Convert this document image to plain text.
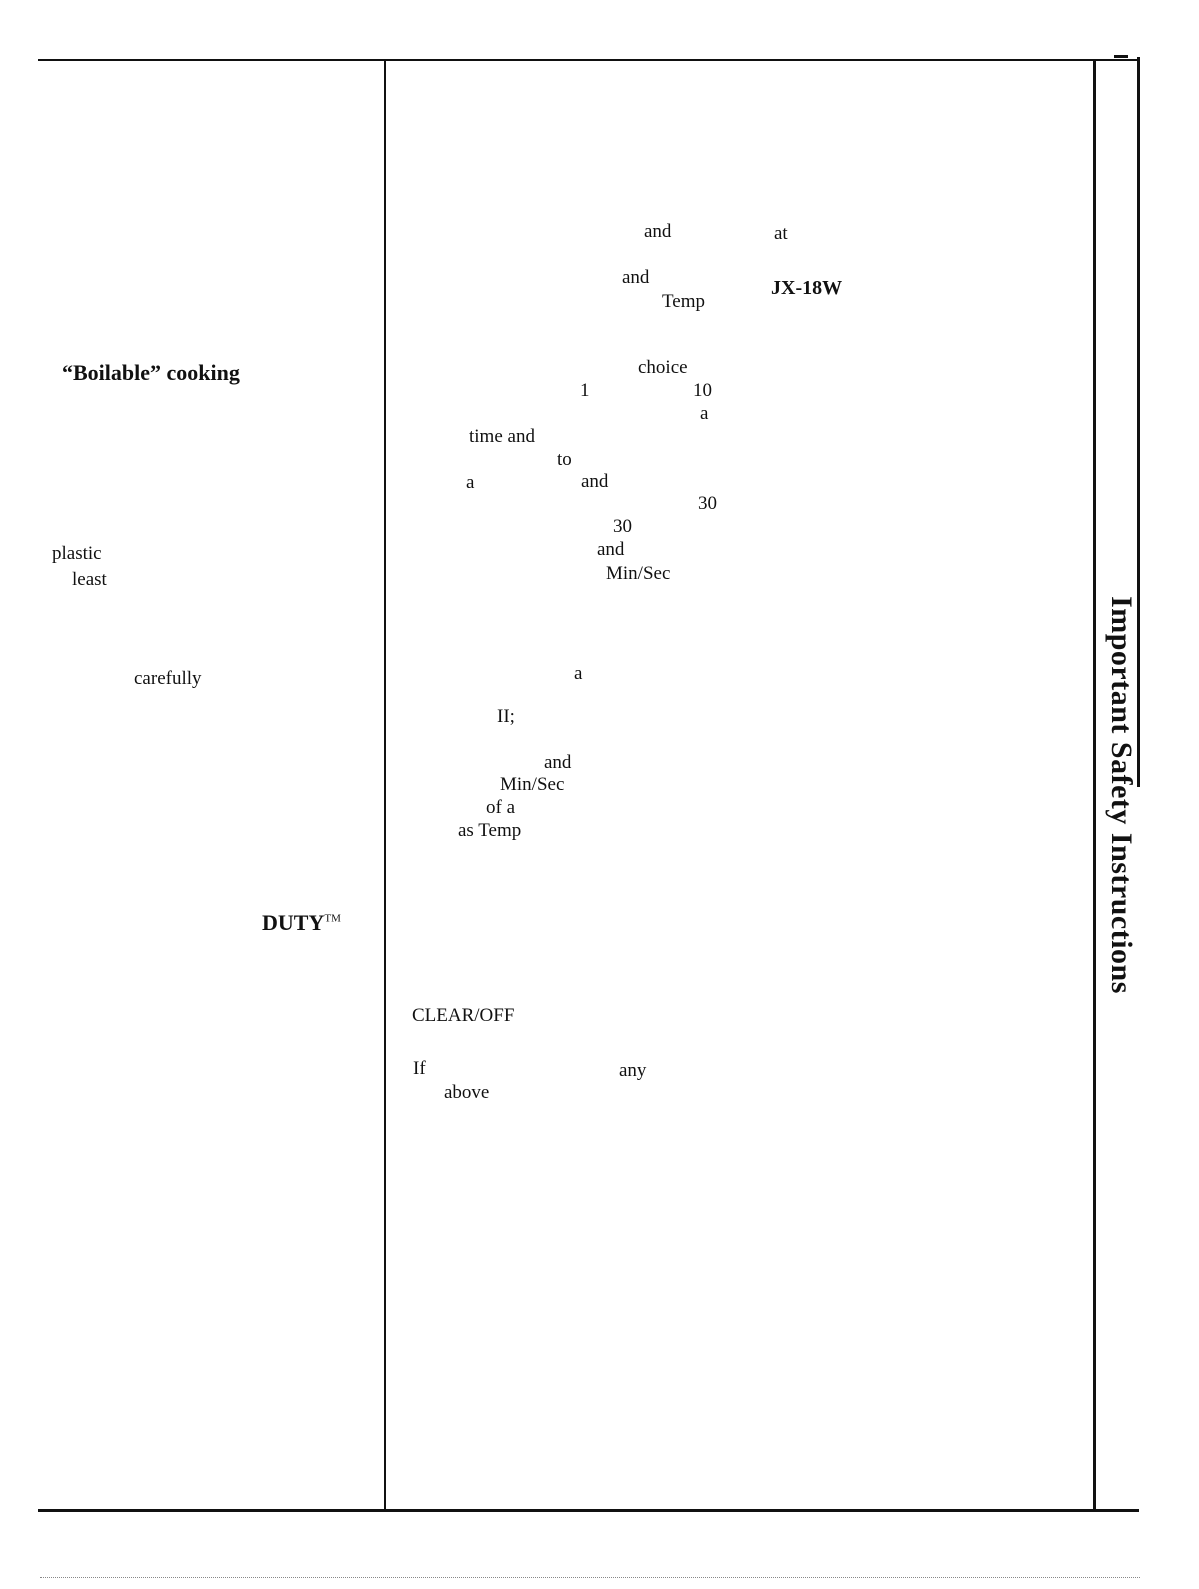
“Boilable” cooking
plastic
least
carefully
DUTY™
and	at
and
Temp
JX-18W
choice
1	10
a
time and
to
a	and
30
30
and
Min/Sec
a
II;
and
Min/Sec
of a
as Temp
CLEAR/OFF
If	any
above
Important Safety Instructions
